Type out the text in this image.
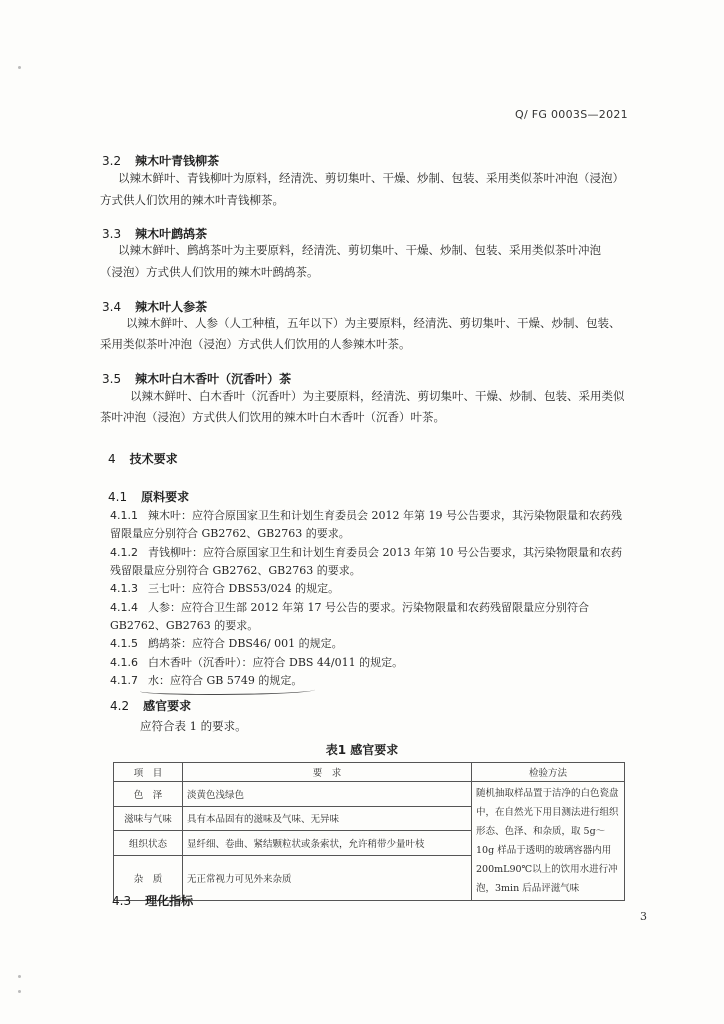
Q/ FG 0003S—2021
3.2 辣木叶青钱柳茶
以辣木鲜叶、青钱柳叶为原料，经清洗、剪切集叶、干燥、炒制、包装、采用类似茶叶冲泡（浸泡）
方式供人们饮用的辣木叶青钱柳茶。
3.3 辣木叶鹧鸪茶
以辣木鲜叶、鹧鸪茶叶为主要原料，经清洗、剪切集叶、干燥、炒制、包装、采用类似茶叶冲泡
（浸泡）方式供人们饮用的辣木叶鹧鸪茶。
3.4 辣木叶人参茶
以辣木鲜叶、人参（人工种植，五年以下）为主要原料，经清洗、剪切集叶、干燥、炒制、包装、
采用类似茶叶冲泡（浸泡）方式供人们饮用的人参辣木叶茶。
3.5 辣木叶白木香叶（沉香叶）茶
以辣木鲜叶、白木香叶（沉香叶）为主要原料，经清洗、剪切集叶、干燥、炒制、包装、采用类似
茶叶冲泡（浸泡）方式供人们饮用的辣木叶白木香叶（沉香）叶茶。
4 技术要求
4.1 原料要求
4.1.1 辣木叶：应符合原国家卫生和计划生育委员会 2012 年第 19 号公告要求，其污染物限量和农药残
留限量应分别符合 GB2762、GB2763 的要求。
4.1.2 青钱柳叶：应符合原国家卫生和计划生育委员会 2013 年第 10 号公告要求，其污染物限量和农药
残留限量应分别符合 GB2762、GB2763 的要求。
4.1.3 三七叶：应符合 DBS53/024 的规定。
4.1.4 人参：应符合卫生部 2012 年第 17 号公告的要求。污染物限量和农药残留限量应分别符合
GB2762、GB2763 的要求。
4.1.5 鹧鸪茶：应符合 DBS46/ 001 的规定。
4.1.6 白木香叶（沉香叶）：应符合 DBS 44/011 的规定。
4.1.7 水：应符合 GB 5749 的规定。
4.2 感官要求
应符合表 1 的要求。
表1 感官要求
项　目	要　求	检验方法
色　泽	淡黄色浅绿色	随机抽取样品置于洁净的白色瓷盘中，在自然光下用目测法进行组织形态、色泽、和杂质，取 5g～10g 样品于透明的玻璃容器内用 200mL90℃以上的饮用水进行冲泡，3min 后品评滋气味
滋味与气味	具有本品固有的滋味及气味、无异味	
组织状态	显纤细、卷曲、紧结颗粒状或条索状，允许稍带少量叶枝	
杂　质	无正常视力可见外来杂质	
4.3 理化指标
3
